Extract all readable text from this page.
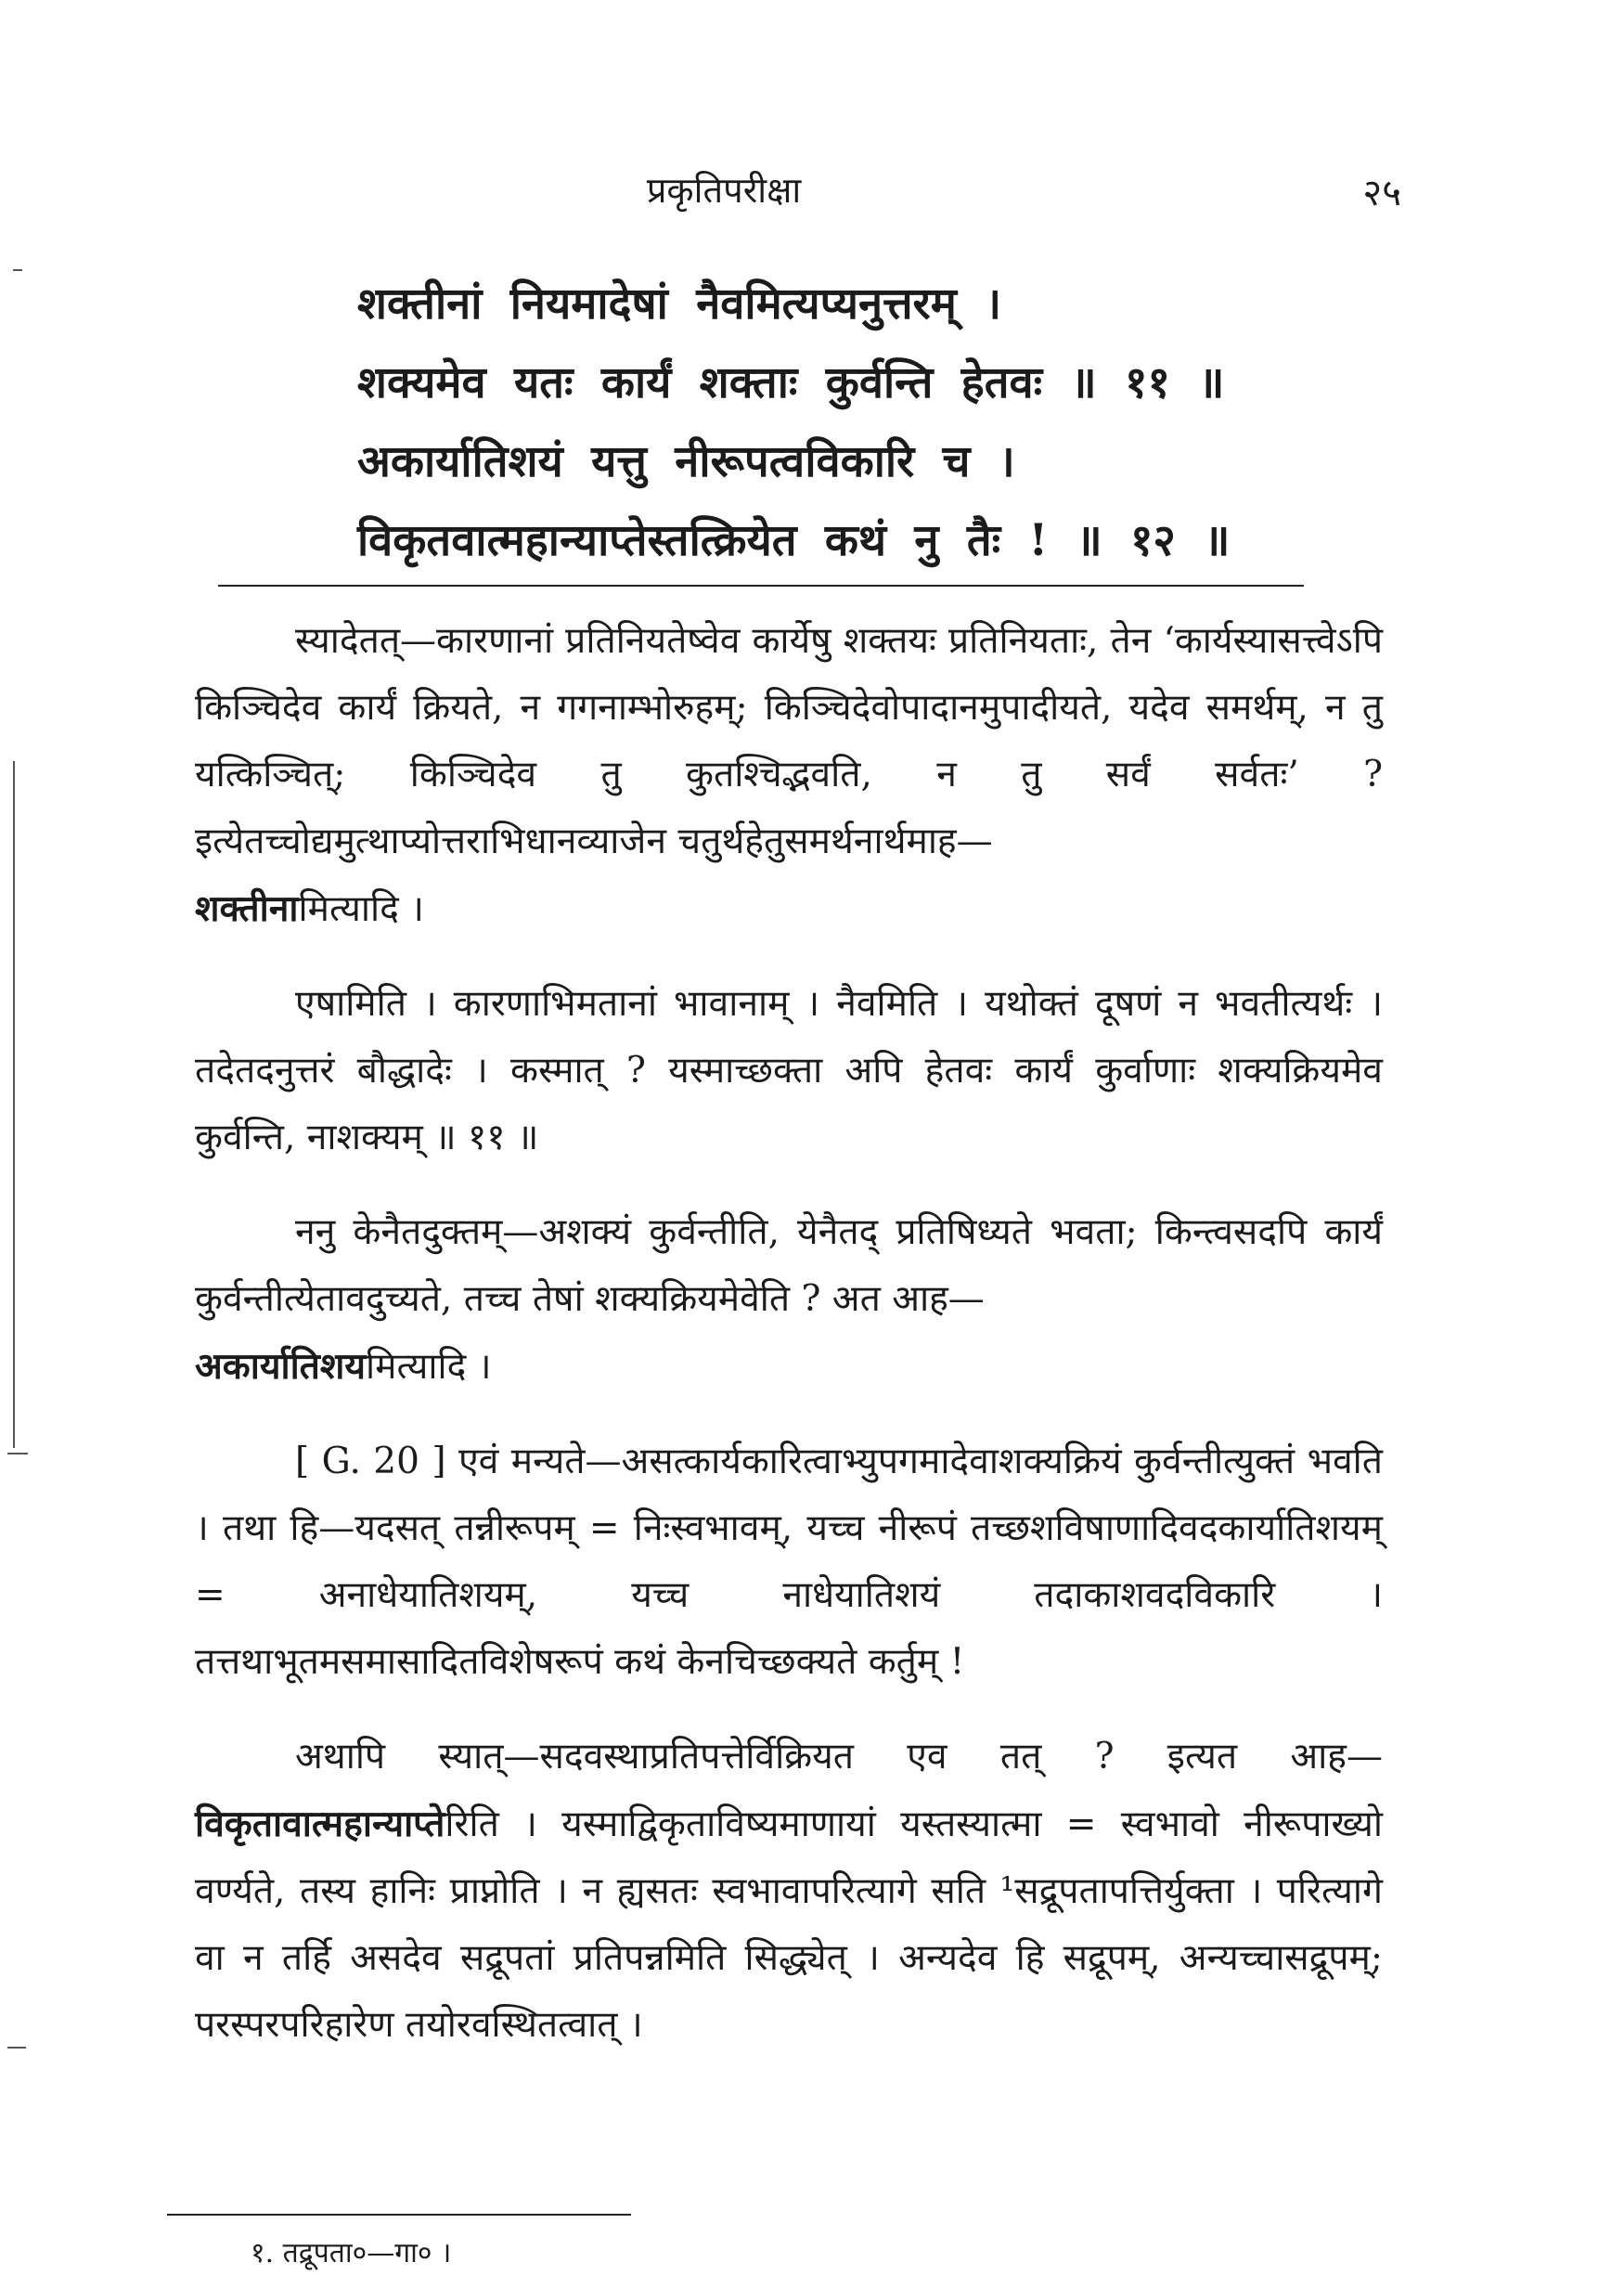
प्रकृतिपरीक्षा	२५
शक्तीनां नियमादेषां नैवमित्यप्यनुत्तरम् ।
शक्यमेव यतः कार्यं शक्ताः कुर्वन्ति हेतवः ॥ ११ ॥
अकार्यातिशयं यत्तु नीरूपत्वविकारि च ।
विकृतवात्महान्याप्तेस्तत्क्रियेत कथं नु तैः ! ॥ १२ ॥

स्यादेतत्—कारणानां प्रतिनियतेष्वेव कार्येषु शक्तयः प्रतिनियताः, तेन ‘कार्यस्यासत्त्वेऽपि किञ्चिदेव कार्यं क्रियते, न गगनाम्भोरुहम्; किञ्चिदेवोपादानमुपादीयते, यदेव समर्थम्, न तु यत्किञ्चित्; किञ्चिदेव तु कुतश्चिद्भवति, न तु सर्वं सर्वतः’ ? इत्येतच्चोद्यमुत्थाप्योत्तराभिधानव्याजेन चतुर्थहेतुसमर्थनार्थमाह—
शक्तीनामित्यादि ।

एषामिति । कारणाभिमतानां भावानाम् । नैवमिति । यथोक्तं दूषणं न भवतीत्यर्थः । तदेतदनुत्तरं बौद्धादेः । कस्मात् ? यस्माच्छक्ता अपि हेतवः कार्यं कुर्वाणाः शक्यक्रियमेव कुर्वन्ति, नाशक्यम् ॥ ११ ॥

ननु केनैतदुक्तम्—अशक्यं कुर्वन्तीति, येनैतद् प्रतिषिध्यते भवता; किन्त्वसदपि कार्यं कुर्वन्तीत्येतावदुच्यते, तच्च तेषां शक्यक्रियमेवेति ? अत आह—
अकार्यातिशयमित्यादि ।

[ G. 20 ] एवं मन्यते—असत्कार्यकारित्वाभ्युपगमादेवाशक्यक्रियं कुर्वन्तीत्युक्तं भवति । तथा हि—यदसत् तन्नीरूपम् = निःस्वभावम्, यच्च नीरूपं तच्छशविषाणादिवदकार्यातिशयम् = अनाधेयातिशयम्, यच्च नाधेयातिशयं तदाकाशवदविकारि । तत्तथाभूतमसमासादितविशेषरूपं कथं केनचिच्छक्यते कर्तुम् !

अथापि स्यात्—सदवस्थाप्रतिपत्तेर्विक्रियत एव तत् ? इत्यत आह—विकृतावात्महान्याप्तेरिति । यस्माद्विकृताविष्यमाणायां यस्तस्यात्मा = स्वभावो नीरूपाख्यो वर्ण्यते, तस्य हानिः प्राप्नोति । न ह्यसतः स्वभावापरित्यागे सति ¹सद्रूपतापत्तिर्युक्ता । परित्यागे वा न तर्हि असदेव सद्रूपतां प्रतिपन्नमिति सिद्ध्येत् । अन्यदेव हि सद्रूपम्, अन्यच्चासद्रूपम्; परस्परपरिहारेण तयोरवस्थितत्वात् ।

१. तद्रूपता०—गा० ।
